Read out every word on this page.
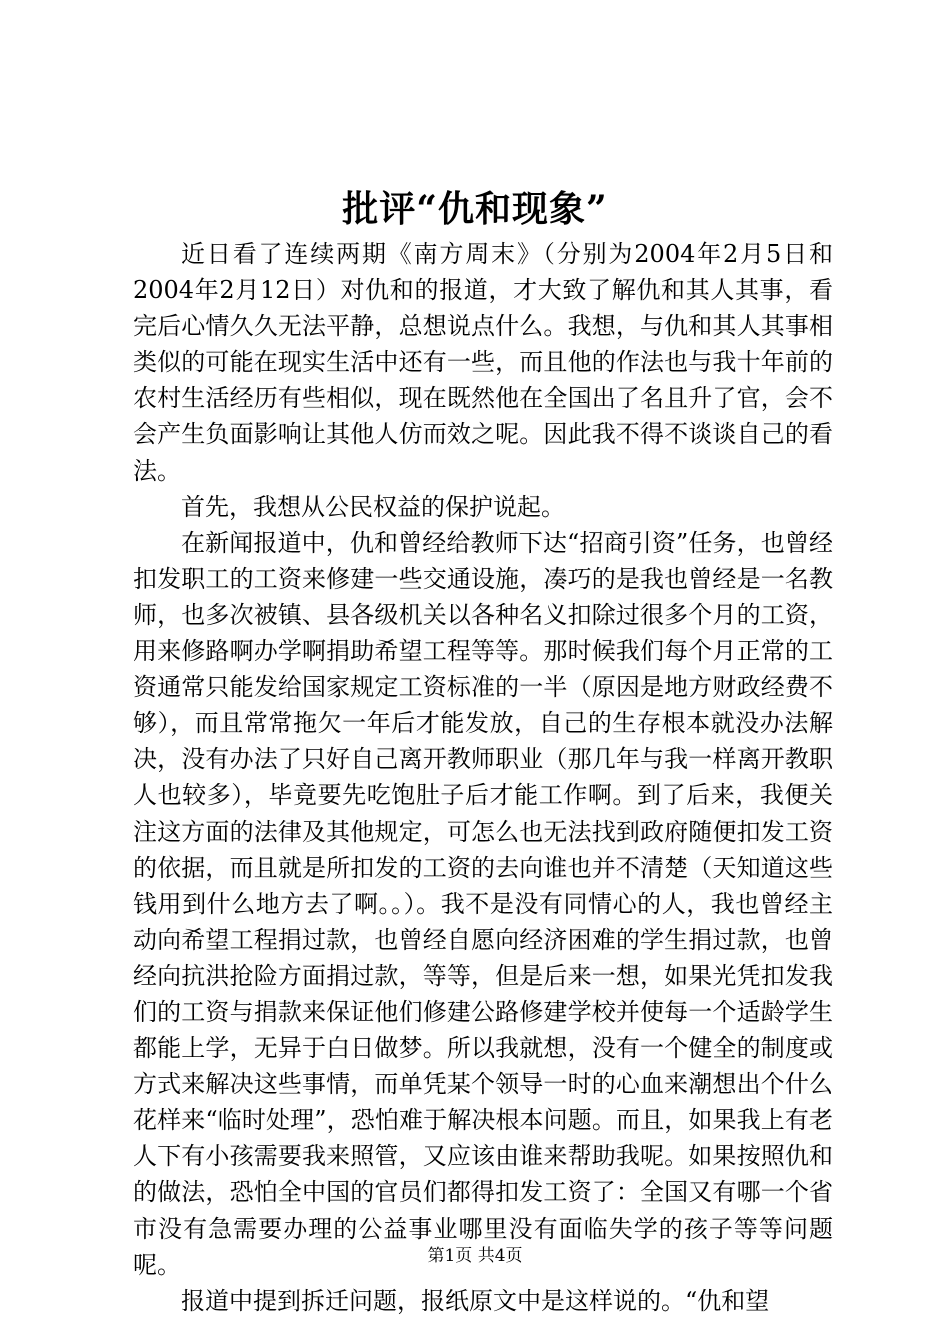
批评“仇和现象”

近日看了连续两期《南方周末》（分别为2004年2月5日和2004年2月12日）对仇和的报道，才大致了解仇和其人其事，看完后心情久久无法平静，总想说点什么。我想，与仇和其人其事相类似的可能在现实生活中还有一些，而且他的作法也与我十年前的农村生活经历有些相似，现在既然他在全国出了名且升了官，会不会产生负面影响让其他人仿而效之呢。因此我不得不谈谈自己的看法。

首先，我想从公民权益的保护说起。

在新闻报道中，仇和曾经给教师下达“招商引资”任务，也曾经扣发职工的工资来修建一些交通设施，凑巧的是我也曾经是一名教师，也多次被镇、县各级机关以各种名义扣除过很多个月的工资，用来修路啊办学啊捐助希望工程等等。那时候我们每个月正常的工资通常只能发给国家规定工资标准的一半（原因是地方财政经费不够），而且常常拖欠一年后才能发放，自己的生存根本就没办法解决，没有办法了只好自己离开教师职业（那几年与我一样离开教职人也较多），毕竟要先吃饱肚子后才能工作啊。到了后来，我便关注这方面的法律及其他规定，可怎么也无法找到政府随便扣发工资的依据，而且就是所扣发的工资的去向谁也并不清楚（天知道这些钱用到什么地方去了啊。。）。我不是没有同情心的人，我也曾经主动向希望工程捐过款，也曾经自愿向经济困难的学生捐过款，也曾经向抗洪抢险方面捐过款，等等，但是后来一想，如果光凭扣发我们的工资与捐款来保证他们修建公路修建学校并使每一个适龄学生都能上学，无异于白日做梦。所以我就想，没有一个健全的制度或方式来解决这些事情，而单凭某个领导一时的心血来潮想出个什么花样来“临时处理”，恐怕难于解决根本问题。而且，如果我上有老人下有小孩需要我来照管，又应该由谁来帮助我呢。如果按照仇和的做法，恐怕全中国的官员们都得扣发工资了：全国又有哪一个省市没有急需要办理的公益事业哪里没有面临失学的孩子等等问题呢。

报道中提到拆迁问题，报纸原文中是这样说的。“仇和望

第1页 共4页
